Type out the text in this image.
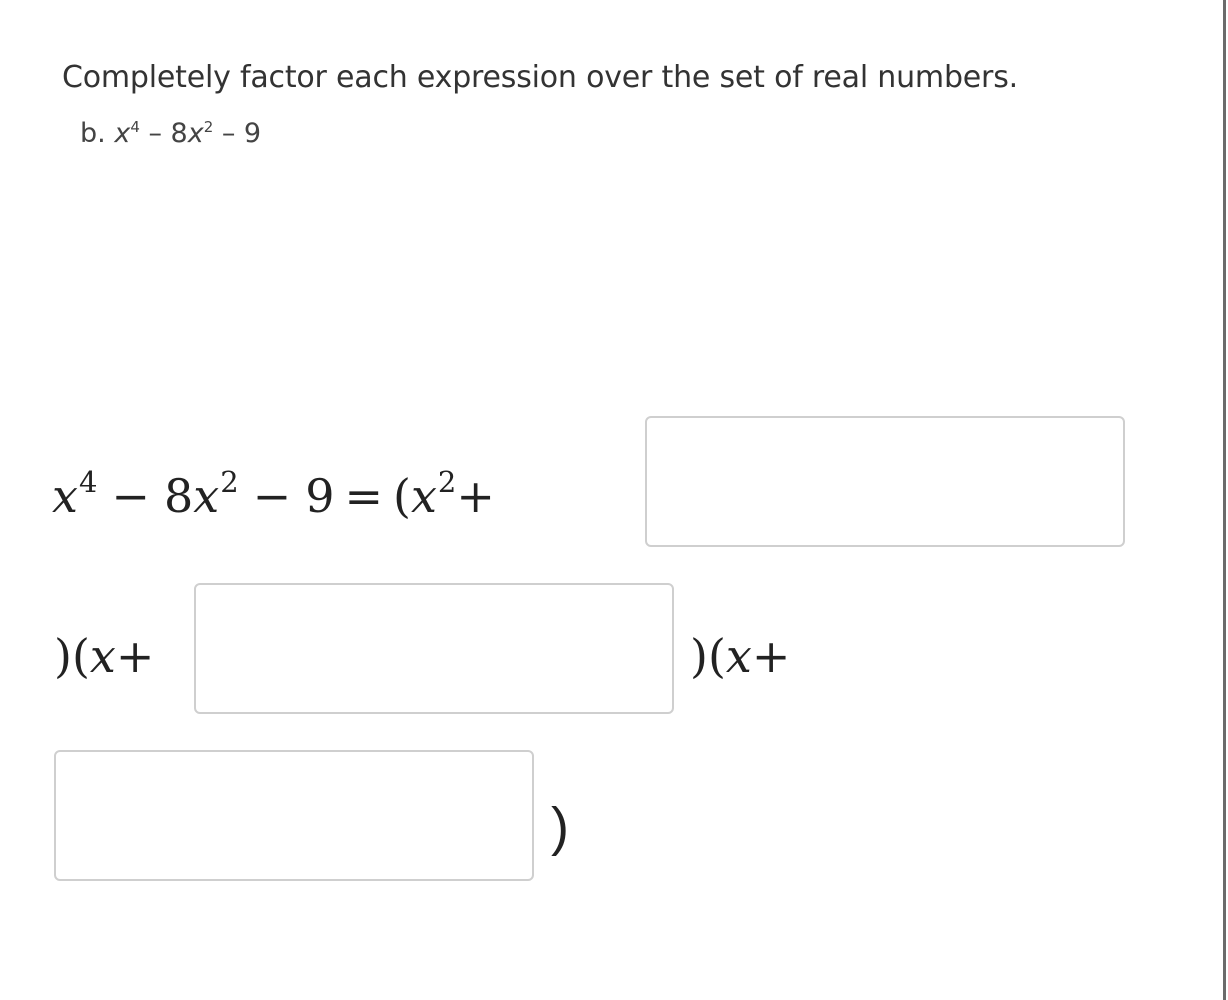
Completely factor each expression over the set of real numbers.
b. $x^4 - 8x^2 - 9$
$x^4 - 8x^2 - 9 = (x^2+$
)(x+	)(x+
)
